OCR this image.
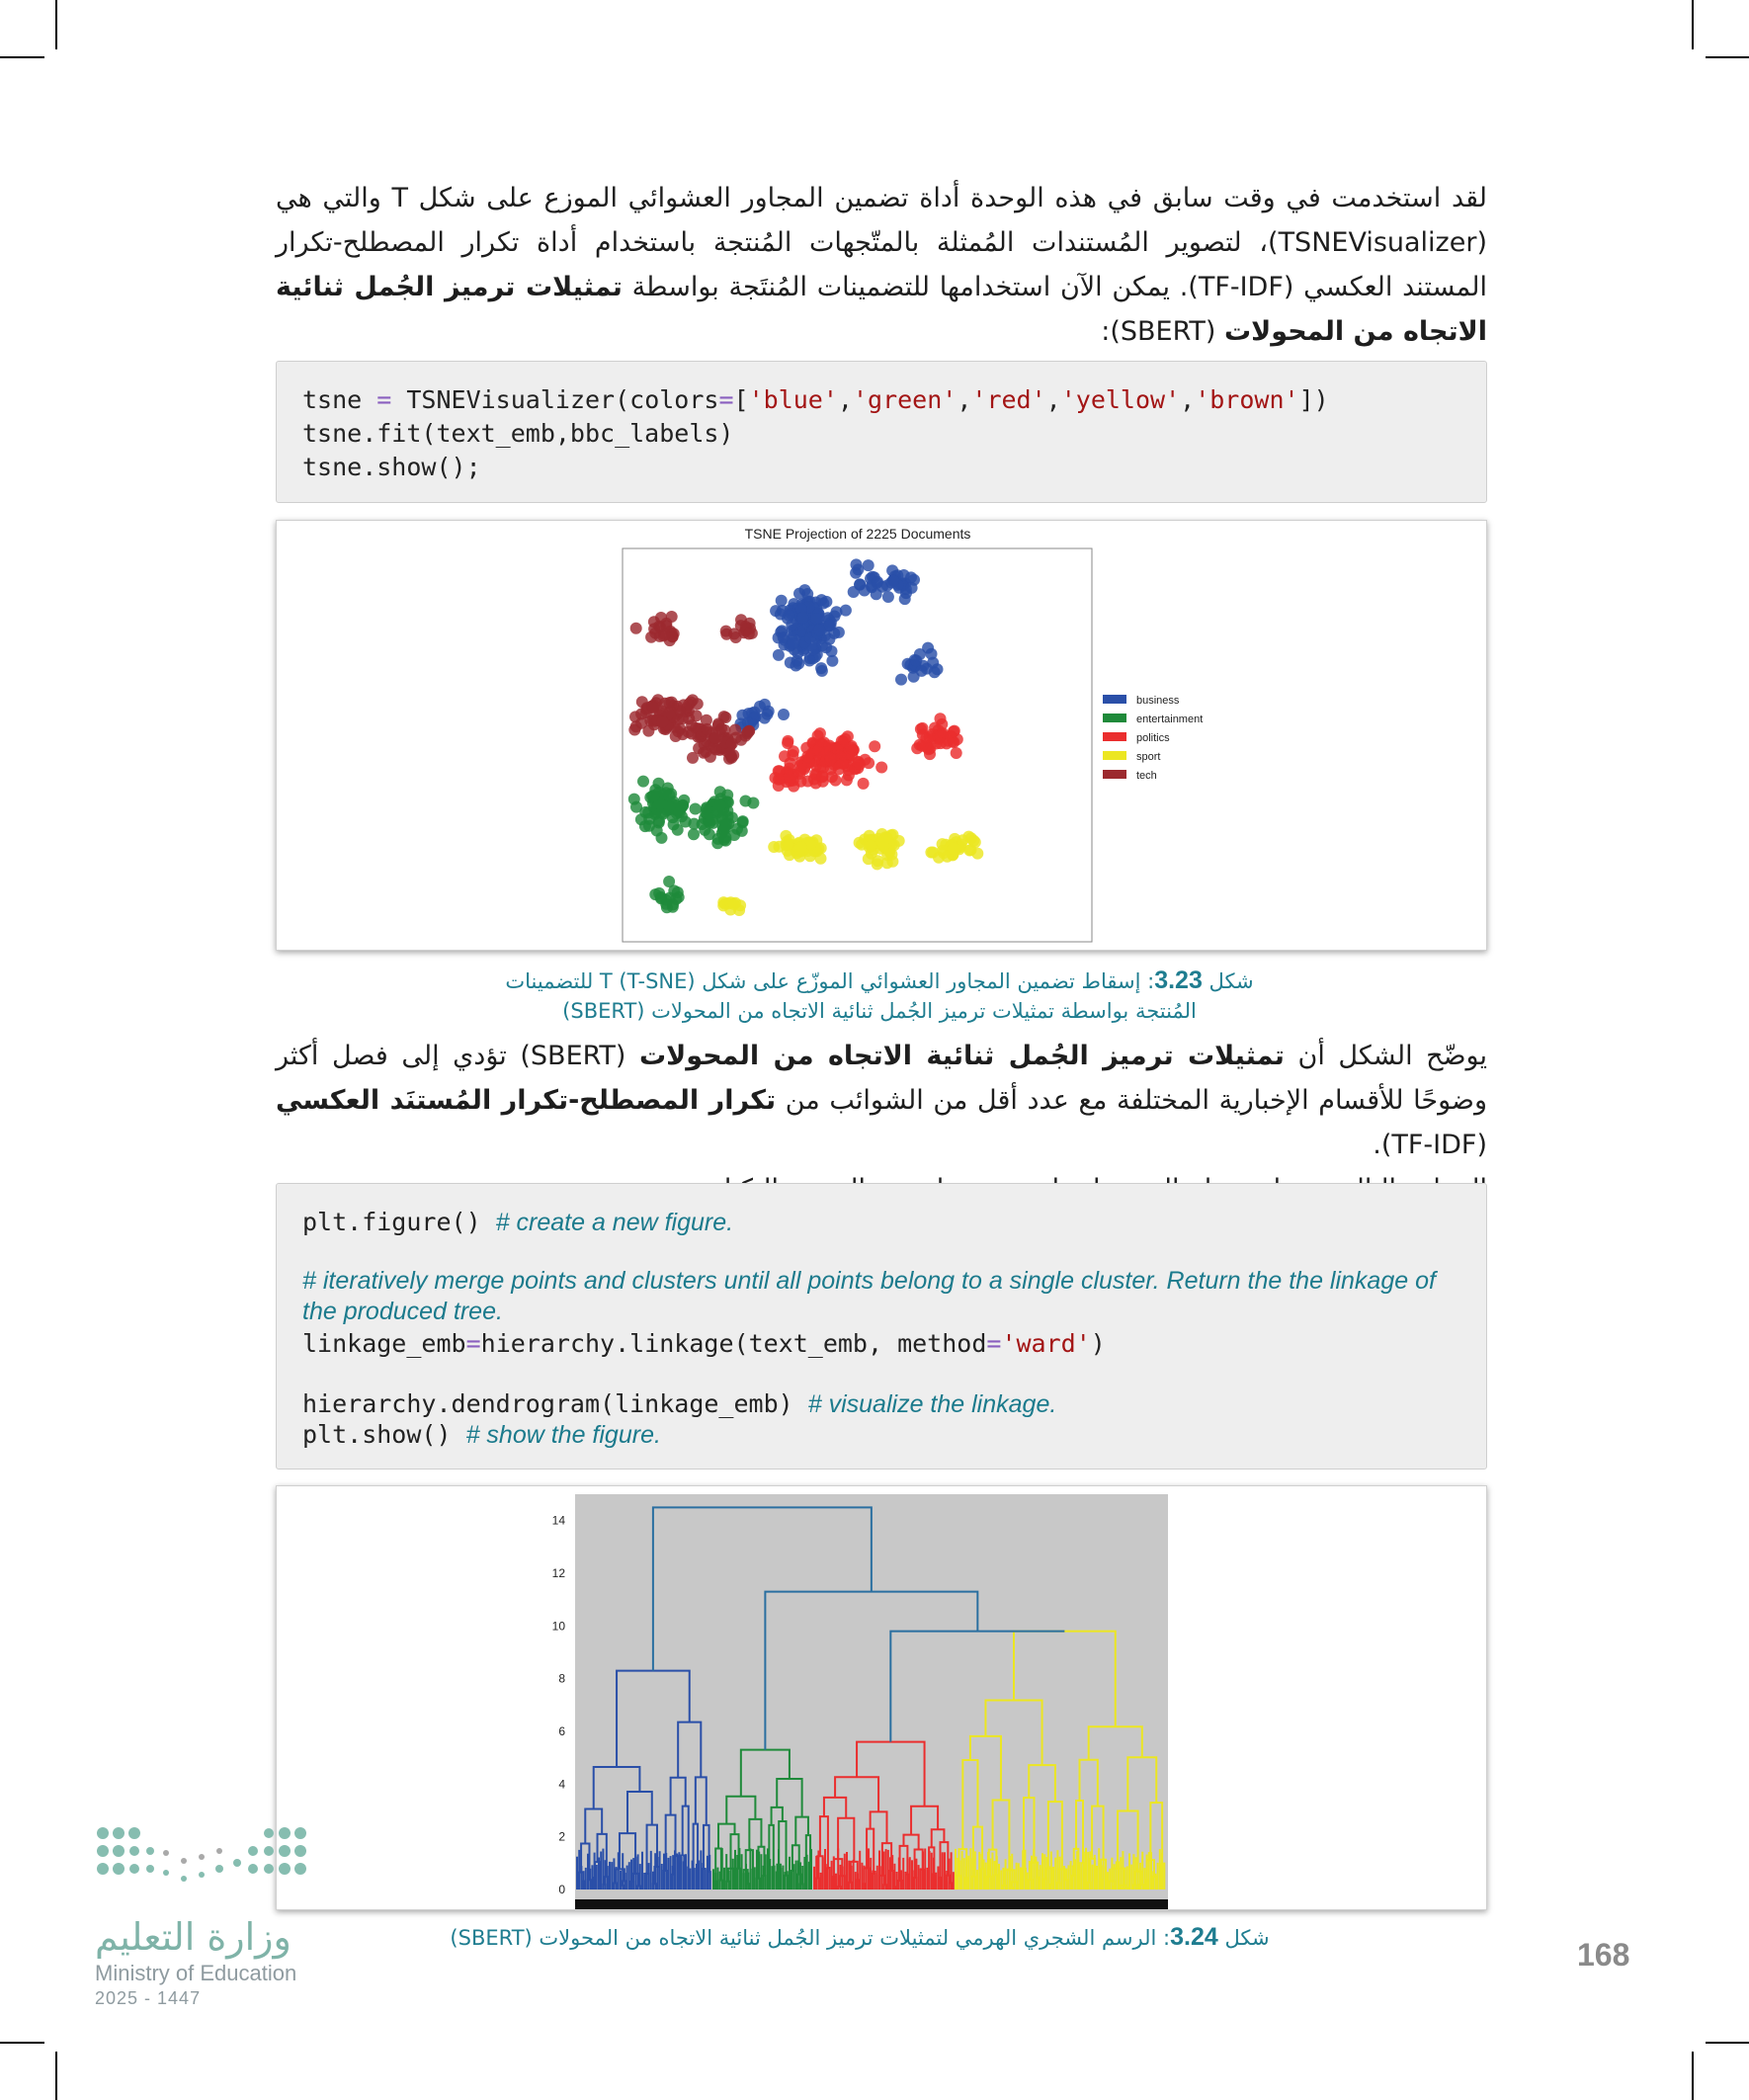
لقد استخدمت في وقت سابق في هذه الوحدة أداة تضمين المجاور العشوائي الموزع على شكل T والتي هي (TSNEVisualizer)، لتصوير المُستندات المُمثلة بالمتّجهات المُنتجة باستخدام أداة تكرار المصطلح-تكرار المستند العكسي (TF-IDF). يمكن الآن استخدامها للتضمينات المُنتَجة بواسطة تمثيلات ترميز الجُمل ثنائية الاتجاه من المحولات (SBERT):

tsne = TSNEVisualizer(colors=['blue','green','red','yellow','brown'])
tsne.fit(text_emb,bbc_labels)
tsne.show();
TSNE Projection of 2225 Documents
business
entertainment
politics
sport
tech
شكل 3.23: إسقاط تضمين المجاور العشوائي الموزّع على شكل T (T-SNE) للتضمينات
المُنتجة بواسطة تمثيلات ترميز الجُمل ثنائية الاتجاه من المحولات (SBERT)

يوضّح الشكل أن تمثيلات ترميز الجُمل ثنائية الاتجاه من المحولات (SBERT) تؤدي إلى فصل أكثر وضوحًا للأقسام الإخبارية المختلفة مع عدد أقل من الشوائب من تكرار المصطلح-تكرار المُستنَد العكسي (TF-IDF).

plt.figure() # create a new figure.

# iteratively merge points and clusters until all points belong to a single cluster. Return the the linkage of the produced tree.
linkage_emb=hierarchy.linkage(text_emb, method='ward')

hierarchy.dendrogram(linkage_emb) # visualize the linkage.
plt.show() # show the figure.
0
2
4
6
8
10
12
14
شكل 3.24: الرسم الشجري الهرمي لتمثيلات ترميز الجُمل ثنائية الاتجاه من المحولات (SBERT)
وزارة التعليم
Ministry of Education
2025 - 1447
168
